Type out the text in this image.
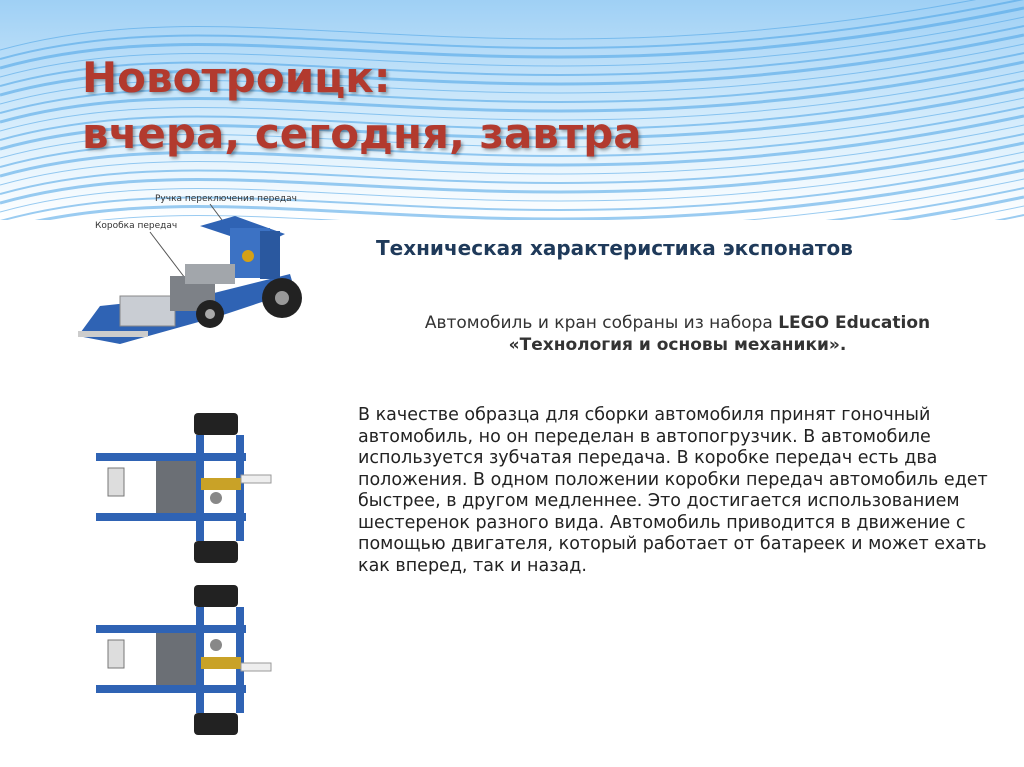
Новотроицк:
вчера, сегодня, завтра
Ручка переключения передач
Коробка передач
Техническая характеристика экспонатов

Автомобиль и кран собраны из набора LEGO Education
«Технология и основы механики».

В качестве образца для сборки автомобиля принят гоночный автомобиль, но он переделан в автопогрузчик. В автомобиле используется зубчатая передача. В коробке передач есть два положения. В одном положении коробки передач автомобиль едет быстрее, в другом медленнее. Это достигается использованием шестеренок разного вида. Автомобиль приводится в движение с помощью двигателя, который работает от батареек и может ехать как вперед, так и назад.
